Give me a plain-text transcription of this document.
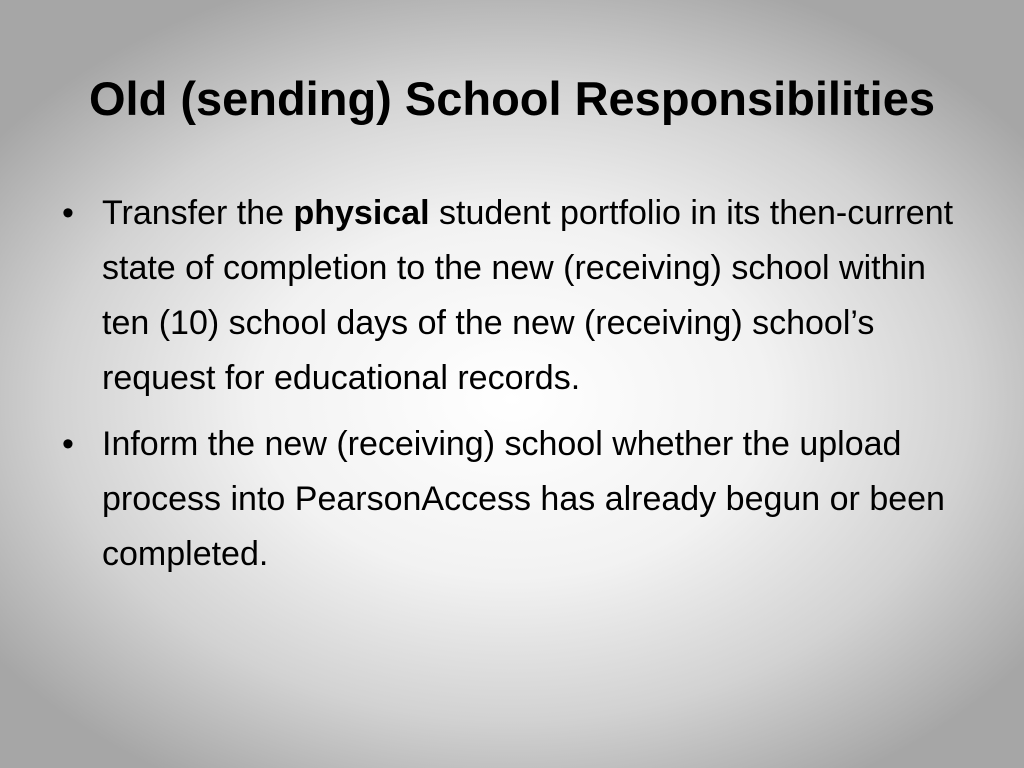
Old (sending) School Responsibilities
• Transfer the physical student portfolio in its then-current state of completion to the new (receiving) school within ten (10) school days of the new (receiving) school’s request for educational records.
• Inform the new (receiving) school whether the upload process into PearsonAccess has already begun or been completed.
